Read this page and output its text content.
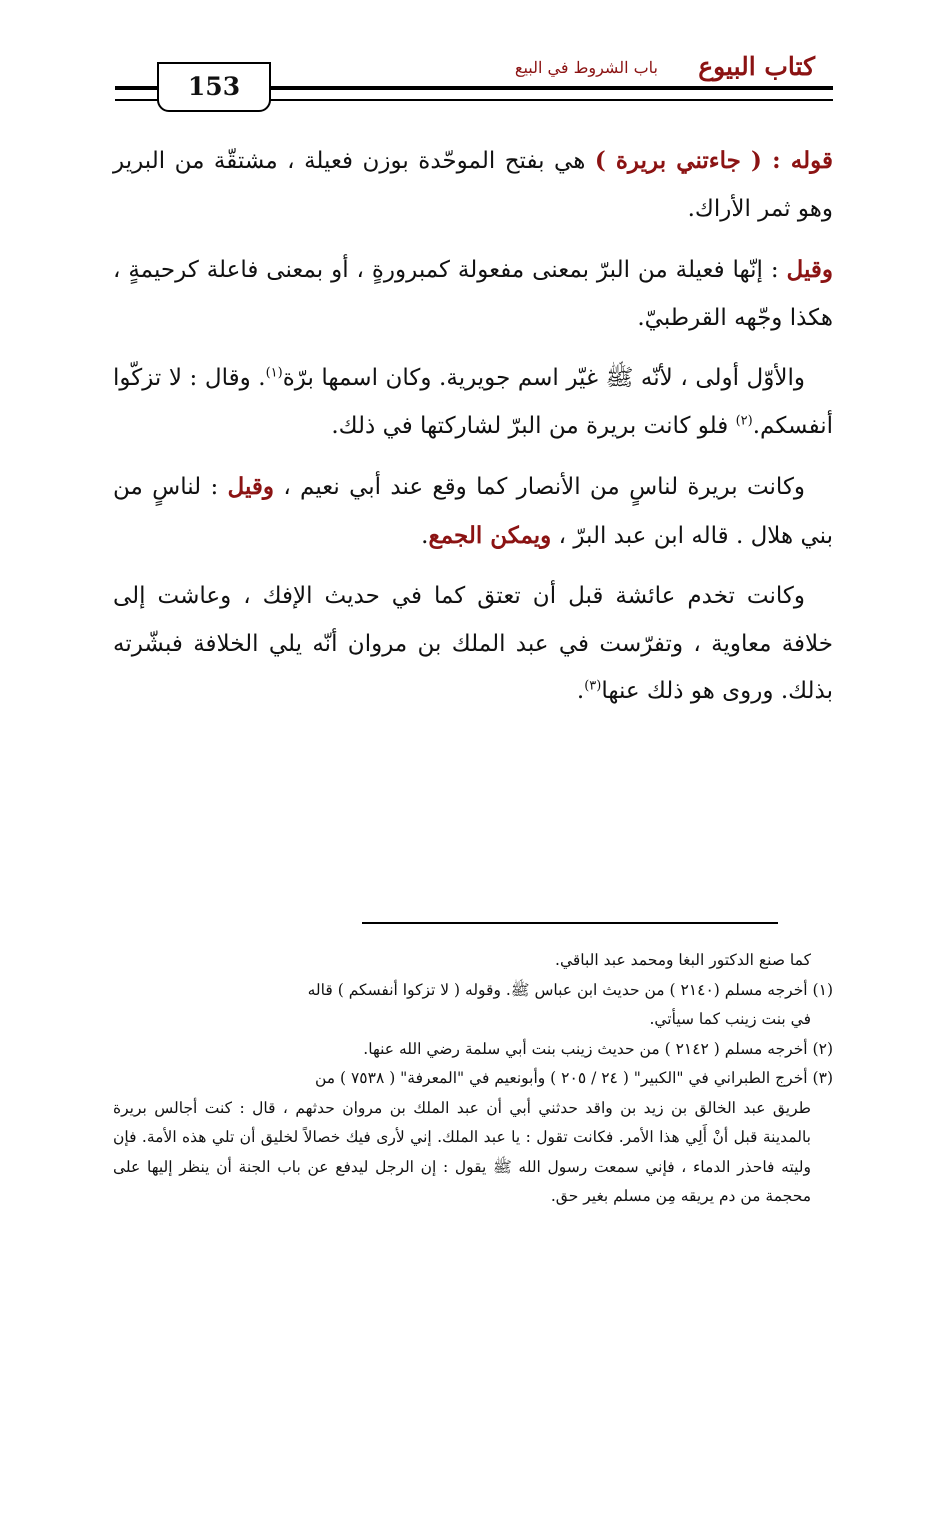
كتاب البيوع
باب الشروط في البيع
153

قوله : ( جاءتني بريرة ) هي بفتح الموحّدة بوزن فعيلة ، مشتقّة من البرير وهو ثمر الأراك.

وقيل : إنّها فعيلة من البرّ بمعنى مفعولة كمبرورةٍ ، أو بمعنى فاعلة كرحيمةٍ ، هكذا وجّهه القرطبيّ.

والأوّل أولى ، لأنّه ﷺ غيّر اسم جويرية. وكان اسمها برّة$^{(١)}$. وقال : لا تزكّوا أنفسكم.$^{(٢)}$ فلو كانت بريرة من البرّ لشاركتها في ذلك.

وكانت بريرة لناسٍ من الأنصار كما وقع عند أبي نعيم ، وقيل : لناسٍ من بني هلال . قاله ابن عبد البرّ ، ويمكن الجمع.

وكانت تخدم عائشة قبل أن تعتق كما في حديث الإفك ، وعاشت إلى خلافة معاوية ، وتفرّست في عبد الملك بن مروان أنّه يلي الخلافة فبشّرته بذلك. وروى هو ذلك عنها$^{(٣)}$.

كما صنع الدكتور البغا ومحمد عبد الباقي.

(١) أخرجه مسلم (٢١٤٠ ) من حديث ابن عباس ﷺ. وقوله ( لا تزكوا أنفسكم ) قاله
في بنت زينب كما سيأتي.

(٢) أخرجه مسلم ( ٢١٤٢ ) من حديث زينب بنت أبي سلمة رضي الله عنها.

(٣) أخرج الطبراني في "الكبير" ( ٢٤ / ٢٠٥ ) وأبونعيم في "المعرفة" ( ٧٥٣٨ ) من
طريق عبد الخالق بن زيد بن واقد حدثني أبي أن عبد الملك بن مروان حدثهم ، قال : كنت أجالس بريرة بالمدينة قبل أنْ أَلِي هذا الأمر. فكانت تقول : يا عبد الملك. إني لأرى فيك خصالاً لخليق أن تلي هذه الأمة. فإن وليته فاحذر الدماء ، فإني سمعت رسول الله ﷺ يقول : إن الرجل ليدفع عن باب الجنة أن ينظر إليها على محجمة من دم يريقه مِن مسلم بغير حق.
